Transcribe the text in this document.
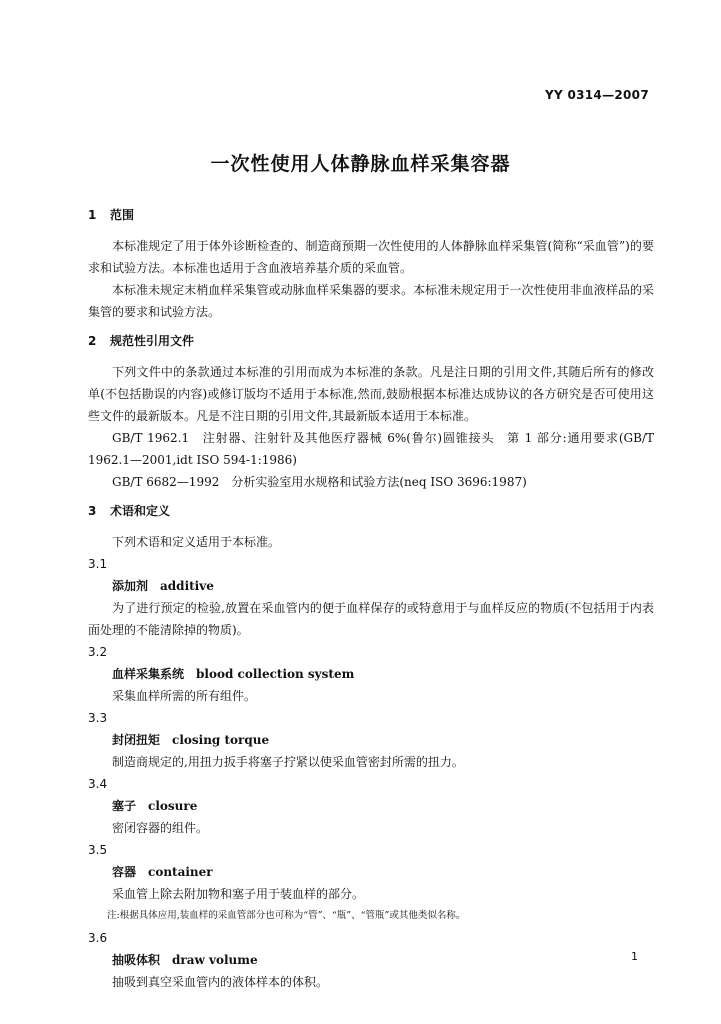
YY 0314—2007
一次性使用人体静脉血样采集容器
1 范围

本标准规定了用于体外诊断检查的、制造商预期一次性使用的人体静脉血样采集管(简称“采血管”)的要求和试验方法。本标准也适用于含血液培养基介质的采血管。

本标准未规定末梢血样采集管或动脉血样采集器的要求。本标准未规定用于一次性使用非血液样品的采集管的要求和试验方法。

2 规范性引用文件

下列文件中的条款通过本标准的引用而成为本标准的条款。凡是注日期的引用文件,其随后所有的修改单(不包括勘误的内容)或修订版均不适用于本标准,然而,鼓励根据本标准达成协议的各方研究是否可使用这些文件的最新版本。凡是不注日期的引用文件,其最新版本适用于本标准。

GB/T 1962.1　注射器、注射针及其他医疗器械 6%(鲁尔)圆锥接头　第 1 部分:通用要求(GB/T 1962.1—2001,idt ISO 594-1:1986)

GB/T 6682—1992　分析实验室用水规格和试验方法(neq ISO 3696:1987)

3 术语和定义

下列术语和定义适用于本标准。

3.1
添加剂 additive

为了进行预定的检验,放置在采血管内的便于血样保存的或特意用于与血样反应的物质(不包括用于内表面处理的不能清除掉的物质)。

3.2
血样采集系统 blood collection system

采集血样所需的所有组件。

3.3
封闭扭矩 closing torque

制造商规定的,用扭力扳手将塞子拧紧以使采血管密封所需的扭力。

3.4
塞子 closure

密闭容器的组件。

3.5
容器 container

采血管上除去附加物和塞子用于装血样的部分。

注:根据具体应用,装血样的采血管部分也可称为“管”、“瓶”、“管瓶”或其他类似名称。
3.6
抽吸体积 draw volume

抽吸到真空采血管内的液体样本的体积。

1
